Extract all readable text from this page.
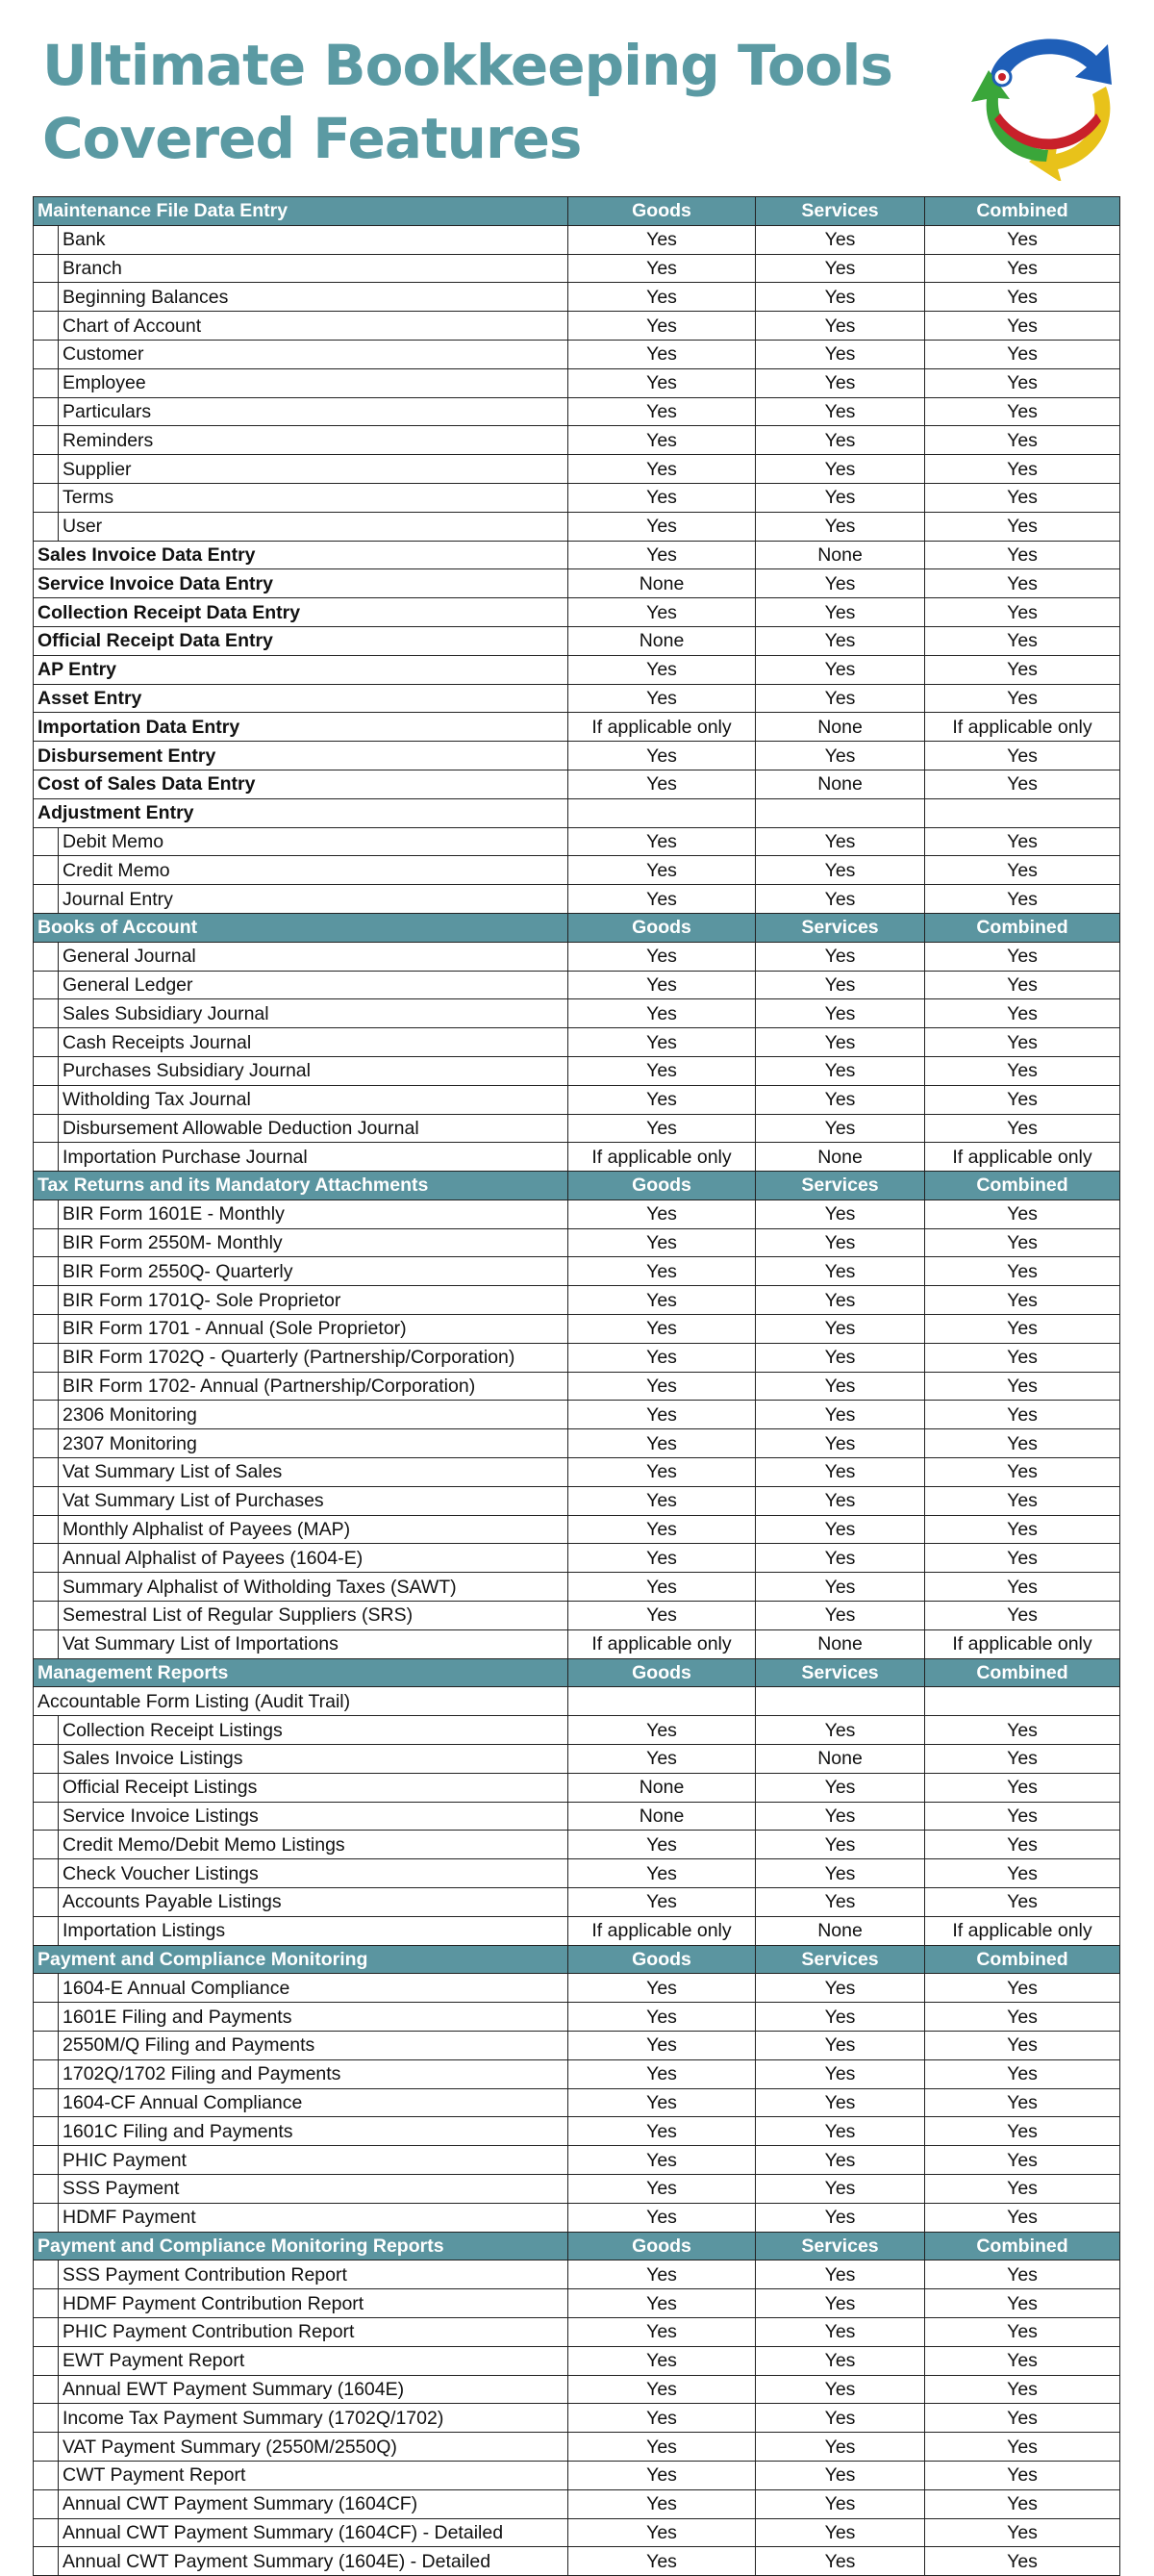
Ultimate Bookkeeping Tools
Covered Features
Maintenance File Data Entry		Goods	Services	Combined
	Bank	Yes	Yes	Yes
	Branch	Yes	Yes	Yes
	Beginning Balances	Yes	Yes	Yes
	Chart of Account	Yes	Yes	Yes
	Customer	Yes	Yes	Yes
	Employee	Yes	Yes	Yes
	Particulars	Yes	Yes	Yes
	Reminders	Yes	Yes	Yes
	Supplier	Yes	Yes	Yes
	Terms	Yes	Yes	Yes
	User	Yes	Yes	Yes
Sales Invoice Data Entry		Yes	None	Yes
Service Invoice Data Entry		None	Yes	Yes
Collection Receipt Data Entry		Yes	Yes	Yes
Official Receipt Data Entry		None	Yes	Yes
AP Entry		Yes	Yes	Yes
Asset Entry		Yes	Yes	Yes
Importation Data Entry		If applicable only	None	If applicable only
Disbursement Entry		Yes	Yes	Yes
Cost of Sales Data Entry		Yes	None	Yes
Adjustment Entry				
	Debit Memo	Yes	Yes	Yes
	Credit Memo	Yes	Yes	Yes
	Journal Entry	Yes	Yes	Yes
Books of Account		Goods	Services	Combined
	General Journal	Yes	Yes	Yes
	General Ledger	Yes	Yes	Yes
	Sales Subsidiary Journal	Yes	Yes	Yes
	Cash Receipts Journal	Yes	Yes	Yes
	Purchases Subsidiary Journal	Yes	Yes	Yes
	Witholding Tax Journal	Yes	Yes	Yes
	Disbursement Allowable Deduction Journal	Yes	Yes	Yes
	Importation Purchase Journal	If applicable only	None	If applicable only
Tax Returns and its Mandatory Attachments		Goods	Services	Combined
	BIR Form 1601E - Monthly	Yes	Yes	Yes
	BIR Form 2550M- Monthly	Yes	Yes	Yes
	BIR Form 2550Q- Quarterly	Yes	Yes	Yes
	BIR Form 1701Q- Sole Proprietor	Yes	Yes	Yes
	BIR Form 1701 - Annual (Sole Proprietor)	Yes	Yes	Yes
	BIR Form 1702Q - Quarterly (Partnership/Corporation)	Yes	Yes	Yes
	BIR Form 1702- Annual (Partnership/Corporation)	Yes	Yes	Yes
	2306 Monitoring	Yes	Yes	Yes
	2307 Monitoring	Yes	Yes	Yes
	Vat Summary List of Sales	Yes	Yes	Yes
	Vat Summary List of Purchases	Yes	Yes	Yes
	Monthly Alphalist of Payees (MAP)	Yes	Yes	Yes
	Annual Alphalist of Payees (1604-E)	Yes	Yes	Yes
	Summary Alphalist of Witholding Taxes (SAWT)	Yes	Yes	Yes
	Semestral List of Regular Suppliers (SRS)	Yes	Yes	Yes
	Vat Summary List of Importations	If applicable only	None	If applicable only
Management Reports		Goods	Services	Combined
Accountable Form Listing (Audit Trail)				
	Collection Receipt Listings	Yes	Yes	Yes
	Sales Invoice Listings	Yes	None	Yes
	Official Receipt Listings	None	Yes	Yes
	Service Invoice Listings	None	Yes	Yes
	Credit Memo/Debit Memo Listings	Yes	Yes	Yes
	Check Voucher Listings	Yes	Yes	Yes
	Accounts Payable Listings	Yes	Yes	Yes
	Importation Listings	If applicable only	None	If applicable only
Payment and Compliance Monitoring		Goods	Services	Combined
	1604-E Annual Compliance	Yes	Yes	Yes
	1601E Filing and Payments	Yes	Yes	Yes
	2550M/Q Filing and Payments	Yes	Yes	Yes
	1702Q/1702 Filing and Payments	Yes	Yes	Yes
	1604-CF Annual Compliance	Yes	Yes	Yes
	1601C Filing and Payments	Yes	Yes	Yes
	PHIC Payment	Yes	Yes	Yes
	SSS Payment	Yes	Yes	Yes
	HDMF Payment	Yes	Yes	Yes
Payment and Compliance Monitoring Reports		Goods	Services	Combined
	SSS Payment Contribution Report	Yes	Yes	Yes
	HDMF Payment Contribution Report	Yes	Yes	Yes
	PHIC Payment Contribution Report	Yes	Yes	Yes
	EWT Payment Report	Yes	Yes	Yes
	Annual EWT Payment Summary (1604E)	Yes	Yes	Yes
	Income Tax Payment Summary (1702Q/1702)	Yes	Yes	Yes
	VAT Payment Summary (2550M/2550Q)	Yes	Yes	Yes
	CWT Payment Report	Yes	Yes	Yes
	Annual CWT Payment Summary (1604CF)	Yes	Yes	Yes
	Annual CWT Payment Summary (1604CF) - Detailed	Yes	Yes	Yes
	Annual CWT Payment Summary (1604E) - Detailed	Yes	Yes	Yes
